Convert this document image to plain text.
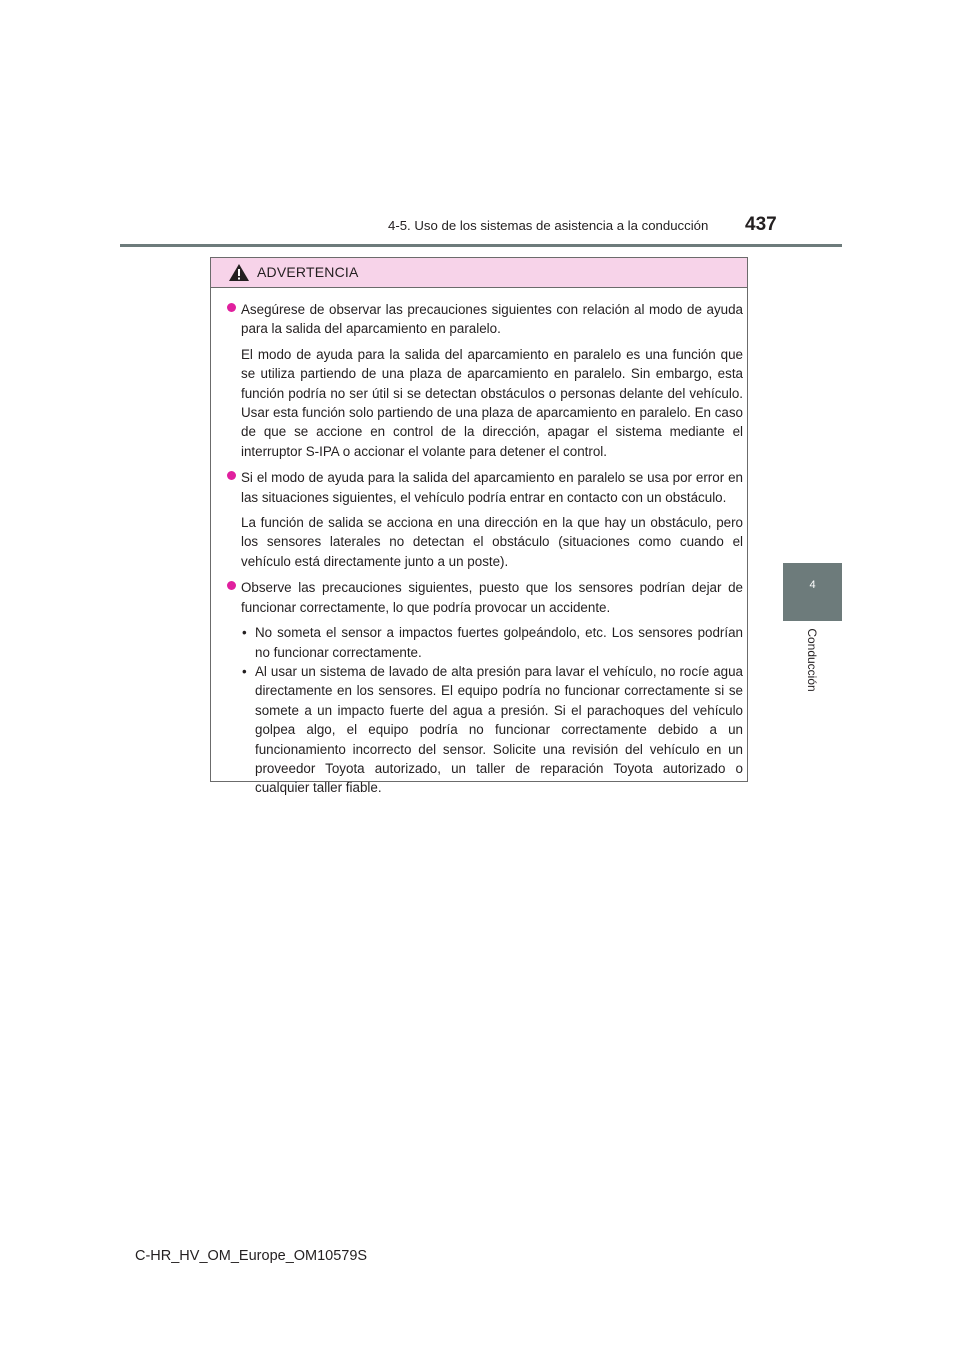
4-5. Uso de los sistemas de asistencia a la conducción 437
4
Conducción
ADVERTENCIA

Asegúrese de observar las precauciones siguientes con relación al modo de ayuda para la salida del aparcamiento en paralelo.

El modo de ayuda para la salida del aparcamiento en paralelo es una función que se utiliza partiendo de una plaza de aparcamiento en paralelo. Sin embargo, esta función podría no ser útil si se detectan obstáculos o personas delante del vehículo. Usar esta función solo partiendo de una plaza de aparcamiento en paralelo. En caso de que se accione en control de la dirección, apagar el sistema mediante el interruptor S-IPA o accionar el volante para detener el control.

Si el modo de ayuda para la salida del aparcamiento en paralelo se usa por error en las situaciones siguientes, el vehículo podría entrar en contacto con un obstáculo.

La función de salida se acciona en una dirección en la que hay un obstáculo, pero los sensores laterales no detectan el obstáculo (situaciones como cuando el vehículo está directamente junto a un poste).

Observe las precauciones siguientes, puesto que los sensores podrían dejar de funcionar correctamente, lo que podría provocar un accidente.

• No someta el sensor a impactos fuertes golpeándolo, etc. Los sensores podrían no funcionar correctamente.

• Al usar un sistema de lavado de alta presión para lavar el vehículo, no rocíe agua directamente en los sensores. El equipo podría no funcionar correctamente si se somete a un impacto fuerte del agua a presión. Si el parachoques del vehículo golpea algo, el equipo podría no funcionar correctamente debido a un funcionamiento incorrecto del sensor. Solicite una revisión del vehículo en un proveedor Toyota autorizado, un taller de reparación Toyota autorizado o cualquier taller fiable.

C-HR_HV_OM_Europe_OM10579S
